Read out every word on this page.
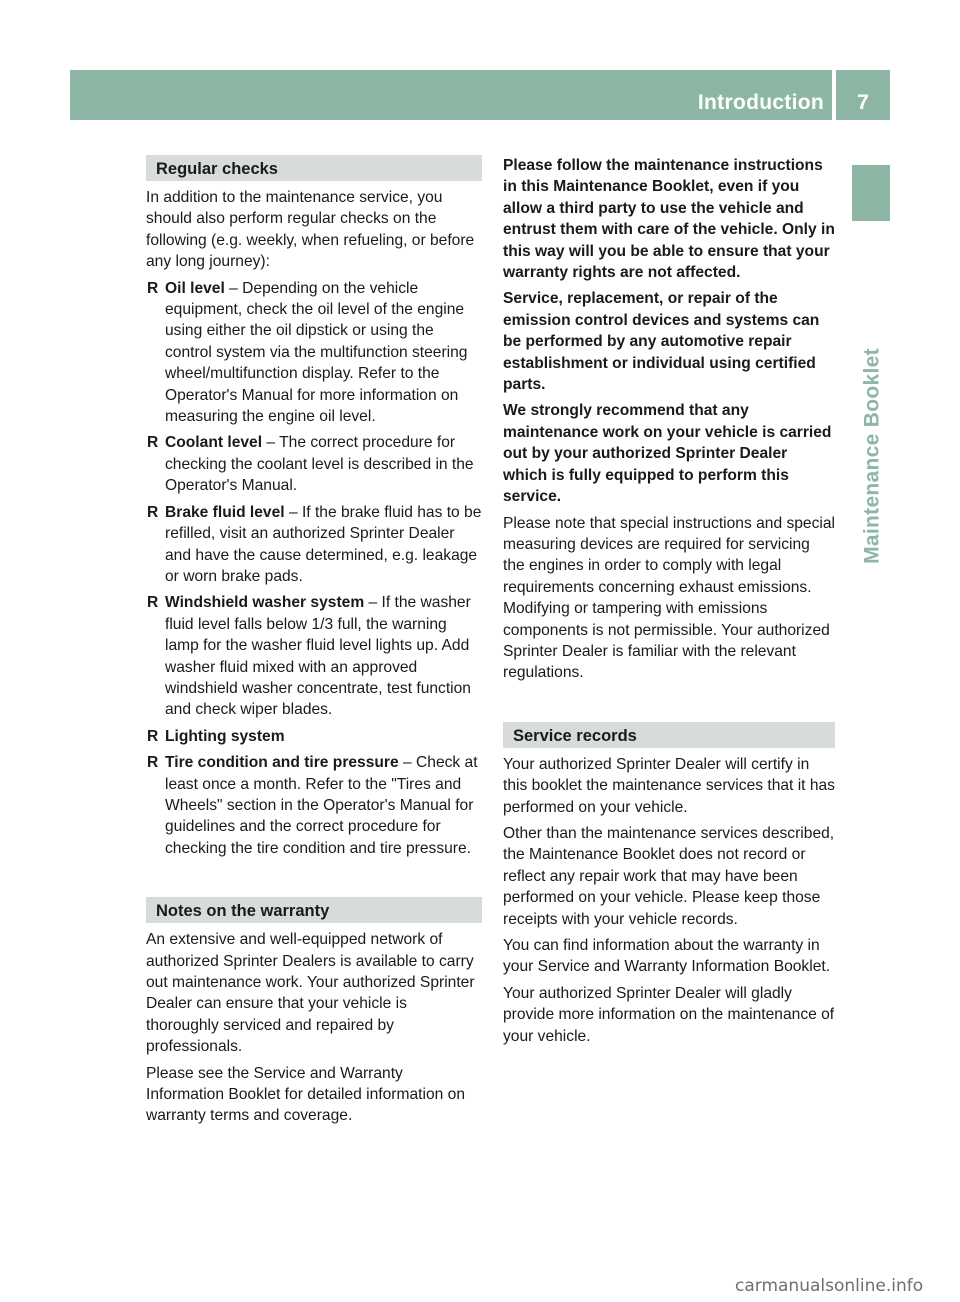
Introduction	7
Maintenance Booklet
Regular checks

In addition to the maintenance service, you should also perform regular checks on the following (e.g. weekly, when refueling, or before any long journey):

R Oil level – Depending on the vehicle equipment, check the oil level of the engine using either the oil dipstick or using the control system via the multifunction steering wheel/multifunction display. Refer to the Operator's Manual for more information on measuring the engine oil level.
R Coolant level – The correct procedure for checking the coolant level is described in the Operator's Manual.
R Brake fluid level – If the brake fluid has to be refilled, visit an authorized Sprinter Dealer and have the cause determined, e.g. leakage or worn brake pads.
R Windshield washer system – If the washer fluid level falls below 1/3 full, the warning lamp for the washer fluid level lights up. Add washer fluid mixed with an approved windshield washer concentrate, test function and check wiper blades.
R Lighting system
R Tire condition and tire pressure – Check at least once a month. Refer to the "Tires and Wheels" section in the Operator's Manual for guidelines and the correct procedure for checking the tire condition and tire pressure.
Notes on the warranty

An extensive and well-equipped network of authorized Sprinter Dealers is available to carry out maintenance work. Your authorized Sprinter Dealer can ensure that your vehicle is thoroughly serviced and repaired by professionals.

Please see the Service and Warranty Information Booklet for detailed information on warranty terms and coverage.

Please follow the maintenance instructions in this Maintenance Booklet, even if you allow a third party to use the vehicle and entrust them with care of the vehicle. Only in this way will you be able to ensure that your warranty rights are not affected.

Service, replacement, or repair of the emission control devices and systems can be performed by any automotive repair establishment or individual using certified parts.

We strongly recommend that any maintenance work on your vehicle is carried out by your authorized Sprinter Dealer which is fully equipped to perform this service.

Please note that special instructions and special measuring devices are required for servicing the engines in order to comply with legal requirements concerning exhaust emissions. Modifying or tampering with emissions components is not permissible. Your authorized Sprinter Dealer is familiar with the relevant regulations.

Service records

Your authorized Sprinter Dealer will certify in this booklet the maintenance services that it has performed on your vehicle.

Other than the maintenance services described, the Maintenance Booklet does not record or reflect any repair work that may have been performed on your vehicle. Please keep those receipts with your vehicle records.

You can find information about the warranty in your Service and Warranty Information Booklet.

Your authorized Sprinter Dealer will gladly provide more information on the maintenance of your vehicle.

carmanualsonline.info
